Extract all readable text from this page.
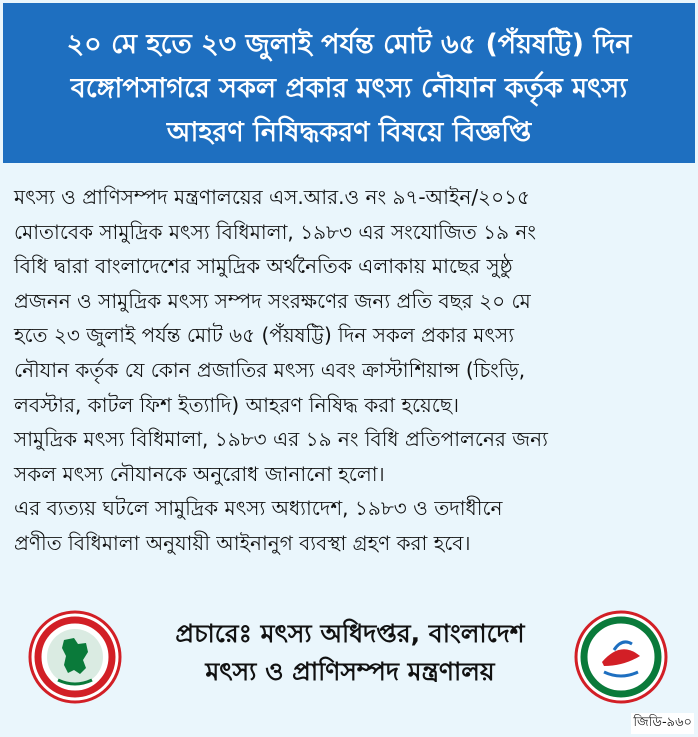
২০ মে হতে ২৩ জুলাই পর্যন্ত মোট ৬৫ (পঁয়ষট্টি) দিন
বঙ্গোপসাগরে সকল প্রকার মৎস্য নৌযান কর্তৃক মৎস্য
আহরণ নিষিদ্ধকরণ বিষয়ে বিজ্ঞপ্তি
মৎস্য ও প্রাণিসম্পদ মন্ত্রণালয়ের এস.আর.ও নং ৯৭-আইন/২০১৫
মোতাবেক সামুদ্রিক মৎস্য বিধিমালা, ১৯৮৩ এর সংযোজিত ১৯ নং
বিধি দ্বারা বাংলাদেশের সামুদ্রিক অর্থনৈতিক এলাকায় মাছের সুষ্ঠু
প্রজনন ও সামুদ্রিক মৎস্য সম্পদ সংরক্ষণের জন্য প্রতি বছর ২০ মে
হতে ২৩ জুলাই পর্যন্ত মোট ৬৫ (পঁয়ষট্টি) দিন সকল প্রকার মৎস্য
নৌযান কর্তৃক যে কোন প্রজাতির মৎস্য এবং ক্রাস্টাশিয়ান্স (চিংড়ি,
লবস্টার, কাটল ফিশ ইত্যাদি) আহরণ নিষিদ্ধ করা হয়েছে।
সামুদ্রিক মৎস্য বিধিমালা, ১৯৮৩ এর ১৯ নং বিধি প্রতিপালনের জন্য
সকল মৎস্য নৌযানকে অনুরোধ জানানো হলো।
এর ব্যত্যয় ঘটলে সামুদ্রিক মৎস্য অধ্যাদেশ, ১৯৮৩ ও তদাধীনে
প্রণীত বিধিমালা অনুযায়ী আইনানুগ ব্যবস্থা গ্রহণ করা হবে।
প্রচারেঃ মৎস্য অধিদপ্তর, বাংলাদেশ
মৎস্য ও প্রাণিসম্পদ মন্ত্রণালয়
জিডি-৯৬০
